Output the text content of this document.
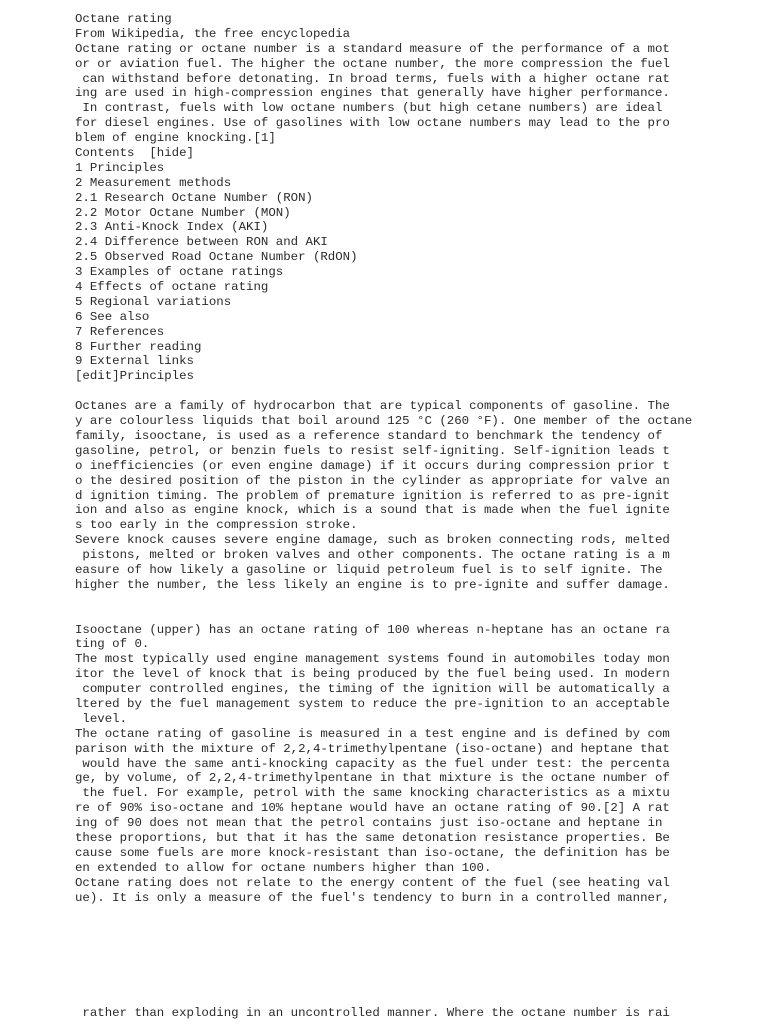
Octane rating
From Wikipedia, the free encyclopedia
Octane rating or octane number is a standard measure of the performance of a mot
or or aviation fuel. The higher the octane number, the more compression the fuel
can withstand before detonating. In broad terms, fuels with a higher octane rat
ing are used in high-compression engines that generally have higher performance.
In contrast, fuels with low octane numbers (but high cetane numbers) are ideal
for diesel engines. Use of gasolines with low octane numbers may lead to the pro
blem of engine knocking.[1]
Contents  [hide]
1 Principles
2 Measurement methods
2.1 Research Octane Number (RON)
2.2 Motor Octane Number (MON)
2.3 Anti-Knock Index (AKI)
2.4 Difference between RON and AKI
2.5 Observed Road Octane Number (RdON)
3 Examples of octane ratings
4 Effects of octane rating
5 Regional variations
6 See also
7 References
8 Further reading
9 External links
[edit]Principles
Octanes are a family of hydrocarbon that are typical components of gasoline. The
y are colourless liquids that boil around 125 °C (260 °F). One member of the octane
family, isooctane, is used as a reference standard to benchmark the tendency of
gasoline, petrol, or benzin fuels to resist self-igniting. Self-ignition leads t
o inefficiencies (or even engine damage) if it occurs during compression prior t
o the desired position of the piston in the cylinder as appropriate for valve an
d ignition timing. The problem of premature ignition is referred to as pre-ignit
ion and also as engine knock, which is a sound that is made when the fuel ignite
s too early in the compression stroke.
Severe knock causes severe engine damage, such as broken connecting rods, melted
pistons, melted or broken valves and other components. The octane rating is a m
easure of how likely a gasoline or liquid petroleum fuel is to self ignite. The
higher the number, the less likely an engine is to pre-ignite and suffer damage.
Isooctane (upper) has an octane rating of 100 whereas n-heptane has an octane ra
ting of 0.
The most typically used engine management systems found in automobiles today mon
itor the level of knock that is being produced by the fuel being used. In modern
computer controlled engines, the timing of the ignition will be automatically a
ltered by the fuel management system to reduce the pre-ignition to an acceptable
level.
The octane rating of gasoline is measured in a test engine and is defined by com
parison with the mixture of 2,2,4-trimethylpentane (iso-octane) and heptane that
would have the same anti-knocking capacity as the fuel under test: the percenta
ge, by volume, of 2,2,4-trimethylpentane in that mixture is the octane number of
the fuel. For example, petrol with the same knocking characteristics as a mixtu
re of 90% iso-octane and 10% heptane would have an octane rating of 90.[2] A rat
ing of 90 does not mean that the petrol contains just iso-octane and heptane in
these proportions, but that it has the same detonation resistance properties. Be
cause some fuels are more knock-resistant than iso-octane, the definition has be
en extended to allow for octane numbers higher than 100.
Octane rating does not relate to the energy content of the fuel (see heating val
ue). It is only a measure of the fuel's tendency to burn in a controlled manner,
rather than exploding in an uncontrolled manner. Where the octane number is rai
